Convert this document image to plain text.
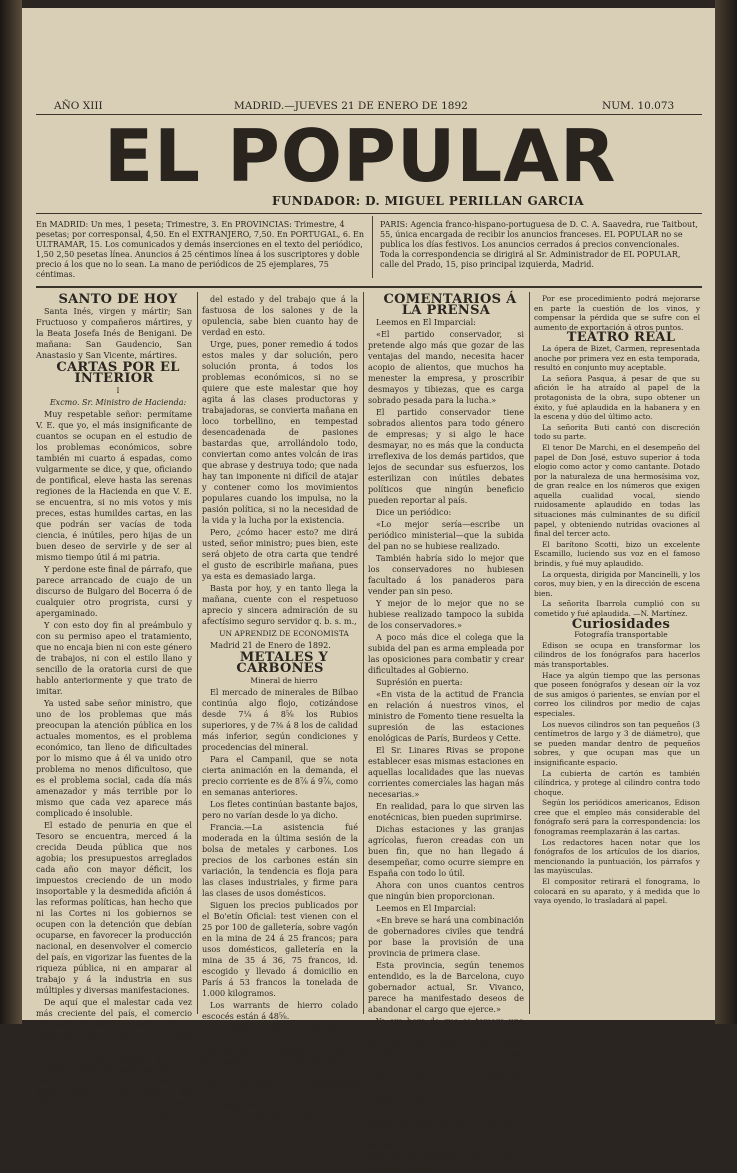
AÑO XIII	MADRID.—JUEVES 21 DE ENERO DE 1892	NUM. 10.073
EL POPULAR
FUNDADOR: D. MIGUEL PERILLAN GARCIA
En MADRID: Un mes, 1 peseta; Trimestre, 3. En PROVINCIAS: Trimestre, 4 pesetas; por corresponsal, 4,50. En el EXTRANJERO, 7,50. En PORTUGAL, 6. En ULTRAMAR, 15. Los comunicados y demás inserciones en el texto del periódico, 1,50 2,50 pesetas línea. Anuncios á 25 céntimos línea á los suscriptores y doble precio á los que no lo sean. La mano de periódicos de 25 ejemplares, 75 céntimas.
PARIS: Agencia franco-hispano-portuguesa de D. C. A. Saavedra, rue Taitbout, 55, única encargada de recibir los anuncios franceses. EL POPULAR no se publica los días festivos. Los anuncios cerrados á precios convencionales. Toda la correspondencia se dirigirá al Sr. Administrador de EL POPULAR, calle del Prado, 15, piso principal izquierda, Madrid.

SANTO DE HOY

Santa Inés, virgen y mártir; San Fructuoso y compañeros mártires, y la Beata Josefa Inés de Benigani. De mañana: San Gaudencio, San Anastasio y San Vicente, mártires.

CARTAS POR EL INTERIOR

I

Excmo. Sr. Ministro de Hacienda:

Muy respetable señor: permítame V. E. que yo, el más insignificante de cuantos se ocupan en el estudio de los problemas económicos, sobre también mi cuarto á espadas, como vulgarmente se dice, y que, oficiando de pontifical, eleve hasta las serenas regiones de la Hacienda en que V. E. se encuentra, si no mis votos y mis preces, estas humildes cartas, en las que podrán ser vacías de toda ciencia, é inútiles, pero hijas de un buen deseo de servirle y de ser al mismo tiempo útil á mi patria.

Y perdone este final de párrafo, que parece arrancado de cuajo de un discurso de Bulgaro del Bocerra ó de cualquier otro progrista, cursi y apergaminado.

Y con esto doy fin al preámbulo y con su permiso apeo el tratamiento, que no encaja bien ni con este género de trabajos, ni con el estilo llano y sencillo de la oratoria cursi de que hablo anteriormente y que trato de imitar.

Ya usted sabe señor ministro, que uno de los problemas que más preocupan la atención pública en los actuales momentos, es el problema económico, tan lleno de dificultades por lo mismo que á él va unido otro problema no menos dificultoso, que es el problema social, cada día más amenazador y más terrible por lo mismo que cada vez aparece más complicado é insoluble.

El estado de penuria en que el Tesoro se encuentra, merced á la crecida Deuda pública que nos agobia; los presupuestos arreglados cada año con mayor déficit, los impuestos creciendo de un modo insoportable y la desmedida afición á las reformas políticas, han hecho que ni las Cortes ni los gobiernos se ocupen con la detención que debían ocuparse, en favorecer la producción nacional, en desenvolver el comercio del país, en vigorizar las fuentes de la riqueza pública, ni en amparar al trabajo y á la industria en sus múltiples y diversas manifestaciones.

De aquí que el malestar cada vez más creciente del país, el comercio arruinado, la industria aniquilada, la agricultura pereciendo y el trabajo escaso y hambriento.

No cree, señor ministro, que este cuadro sombrío sea más cargado que tintas de un pesimismo desconsolador, no; el cuadro es del todo exacto, y usted, que está más acostumbrado á la vida modesta

del estado y del trabajo que á la fastuosa de los salones y de la opulencia, sabe bien cuanto hay de verdad en esto.

Urge, pues, poner remedio á todos estos males y dar solución, pero solución pronta, á todos los problemas económicos, si no se quiere que este malestar que hoy agita á las clases productoras y trabajadoras, se convierta mañana en loco torbellino, en tempestad desencadenada de pasiones bastardas que, arrollándolo todo, conviertan como antes volcán de iras que abrase y destruya todo; que nada hay tan imponente ni difícil de atajar y contener como los movimientos populares cuando los impulsa, no la pasión política, si no la necesidad de la vida y la lucha por la existencia.

Pero, ¿cómo hacer esto? me dirá usted, señor ministro; pues bien, este será objeto de otra carta que tendré el gusto de escribirle mañana, pues ya esta es demasiado larga.

Basta por hoy, y en tanto llega la mañana, cuente con el respetuoso aprecio y sincera admiración de su afectísimo seguro servidor q. b. s. m.,

UN APRENDIZ DE ECONOMISTA

Madrid 21 de Enero de 1892.

METALES Y CARBONES

Mineral de hierro

El mercado de minerales de Bilbao continúa algo flojo, cotizándose desde 7¼ á 8⅝ los Rubios superiores, y de 7⅜ á 8 los de calidad más inferior, según condiciones y procedencias del mineral.

Para el Campanil, que se nota cierta animación en la demanda, el precio corriente es de 8⅞ á 9⅞, como en semanas anteriores.

Los fletes continúan bastante bajos, pero no varían desde lo ya dicho.

Francia.—La asistencia fué moderada en la última sesión de la bolsa de metales y carbones. Los precios de los carbones están sin variación, la tendencia es floja para las clases industriales, y firme para las clases de usos domésticos.

Siguen los precios publicados por el Bo'etín Oficial: test vienen con el 25 por 100 de galletería, sobre vagón en la mina de 24 á 25 francos; para usos domésticos, galletería en la mina de 35 á 36, 75 francos, id. escogido y llevado á domicilio en París á 53 francos la tonelada de 1.000 kilogramos.

Los warrants de hierro colado escocés están á 48⅝.

La cotización oficial de los hierros está en baja de 50 céntimos á 16 francos los 100 kilogramos de hierro mercante al coke, y 17 francos los hierros para tratos; pero se hacen algunas operaciones de importancia á precios 75 céntimos más bajos por 100 kilogramos.

(Se continuará)

COMENTARIOS Á LA PRENSA

Leemos en El Imparcial:

«El partido conservador, si pretende algo más que gozar de las ventajas del mando, necesita hacer acopio de alientos, que muchos ha menester la empresa, y proscribir desmayos y tibiezas, que es carga sobrado pesada para la lucha.»

El partido conservador tiene sobrados alientos para todo género de empresas; y si algo le hace desmayar, no es más que la conducta irreflexiva de los demás partidos, que lejos de secundar sus esfuerzos, los esterilizan con inútiles debates políticos que ningún beneficio pueden reportar al país.

Dice un periódico:

«Lo mejor sería—escribe un periódico ministerial—que la subida del pan no se hubiese realizado.

También habría sido lo mejor que los conservadores no hubiesen facultado á los panaderos para vender pan sin peso.

Y mejor de lo mejor que no se hubiese realizado tampoco la subida de los conservadores.»

A poco más dice el colega que la subida del pan es arma empleada por las oposiciones para combatir y crear dificultades al Gobierno.

Suprésión en puerta:

«En vista de la actitud de Francia en relación á nuestros vinos, el ministro de Fomento tiene resuelta la supresión de las estaciones enológicas de París, Burdeos y Cette.

El Sr. Linares Rivas se propone establecer esas mismas estaciones en aquellas localidades que las nuevas corrientes comerciales las hagan más necesarias.»

En realidad, para lo que sirven las enotécnicas, bien pueden suprimirse.

Dichas estaciones y las granjas agrícolas, fueron creadas con un buen fin, que no han llegado á desempeñar, como ocurre siempre en España con todo lo útil.

Ahora con unos cuantos centros que ningún bien proporcionan.

Leemos en El Imparcial:

«En breve se hará una combinación de gobernadores civiles que tendrá por base la provisión de una provincia de primera clase.

Esta provincia, según tenemos entendido, es la de Barcelona, cuyo gobernador actual, Sr. Vivanco, parece ha manifestado deseos de abandonar el cargo que ejerce.»

Ya era hora de que se tomara una determinación contra todos esos señores gobernadores que están señalados por la opinión como incapaces.

Que lo diga si no El Diario de Madrid.

Dice un colega:

«Parece que existe la promesa formal del gobierno de que los vinos comunes de la Península no satisfagan derecho alguno en concepto de consumos á su entrada y venta en Cuba.»

Por ese procedimiento podrá mejorarse en parte la cuestión de los vinos, y compensar la pérdida que se sufre con el aumento de exportación á otros puntos.

TEATRO REAL

La ópera de Bizet, Carmen, representada anoche por primera vez en esta temporada, resultó en conjunto muy aceptable.

La señora Pasqua, á pesar de que su afición le ha atraído al papel de la protagonista de la obra, supo obtener un éxito, y fué aplaudida en la habanera y en la escena y dúo del último acto.

La señorita Buti cantó con discreción todo su parte.

El tenor De Marchi, en el desempeño del papel de Don José, estuvo superior á toda elogio como actor y como cantante. Dotado por la naturaleza de una hermosísima voz, de gran realce en los números que exigen aquella cualidad vocal, siendo ruidosamente aplaudido en todas las situaciones más culminantes de su difícil papel, y obteniendo nutridas ovaciones al final del tercer acto.

El barítono Scotti, bizo un excelente Escamillo, luciendo sus voz en el famoso brindis, y fué muy aplaudido.

La orquesta, dirigida por Mancinelli, y los coros, muy bien, y en la dirección de escena bien.

La señorita Ibarrola cumplió con su cometido y fué aplaudida. —N. Martínez.

Curiosidades

Fotografía transportable

Edison se ocupa en transformar los cilindros de los fonógrafos para hacerlos más transportables.

Hace ya algún tiempo que las personas que poseen fonógrafos y desean oír la voz de sus amigos ó parientes, se envían por el correo los cilindros por medio de cajas especiales.

Los nuevos cilindros son tan pequeños (3 centímetros de largo y 3 de diámetro), que se pueden mandar dentro de pequeños sobres, y que ocupan mas que un insignificante espacio.

La cubierta de cartón es también cilíndrica, y protege al cilindro contra todo choque.

Según los periódicos americanos, Edison cree que el empleo más considerable del fonógrafo será para la correspondencia: los fonogramas reemplazarán á las cartas.

Los redactores hacen notar que los fonógrafos de los artículos de los diarios, mencionando la puntuación, los párrafos y las mayúsculas.

El compositor retirará el fonograma, lo colocará en su aparato, y á medida que lo vaya oyendo, lo trasladará al papel.
